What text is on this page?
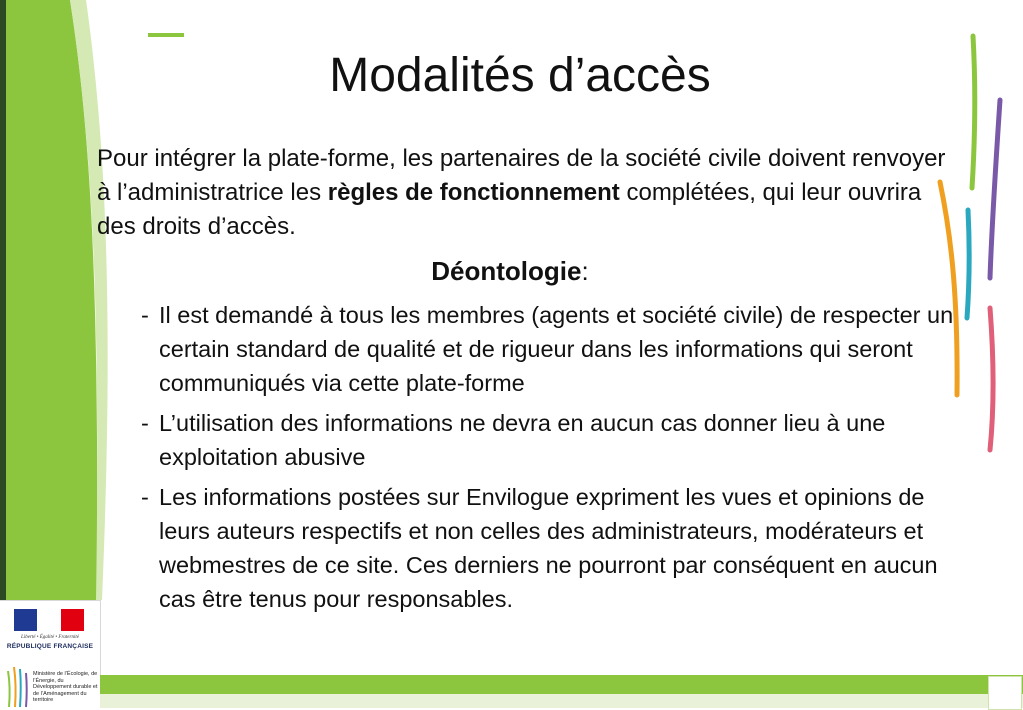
Modalités d’accès

Pour intégrer la plate-forme, les partenaires de la société civile doivent renvoyer à l’administratrice les règles de fonctionnement complétées, qui leur ouvrira des droits d’accès.

Déontologie:

- Il est demandé à tous les membres (agents et société civile) de respecter un certain standard de qualité et de rigueur dans les informations qui seront communiqués via cette plate-forme
- L’utilisation des informations ne devra en aucun cas donner lieu à une exploitation abusive
- Les informations postées sur Envilogue expriment les vues et opinions de leurs auteurs respectifs et non celles des administrateurs, modérateurs et webmestres de ce site. Ces derniers ne pourront par conséquent en aucun cas être tenus pour responsables.
Liberté • Égalité • Fraternité
RÉPUBLIQUE FRANÇAISE
Ministère de l’Écologie, de l’Énergie, du Développement durable et de l’Aménagement du territoire
